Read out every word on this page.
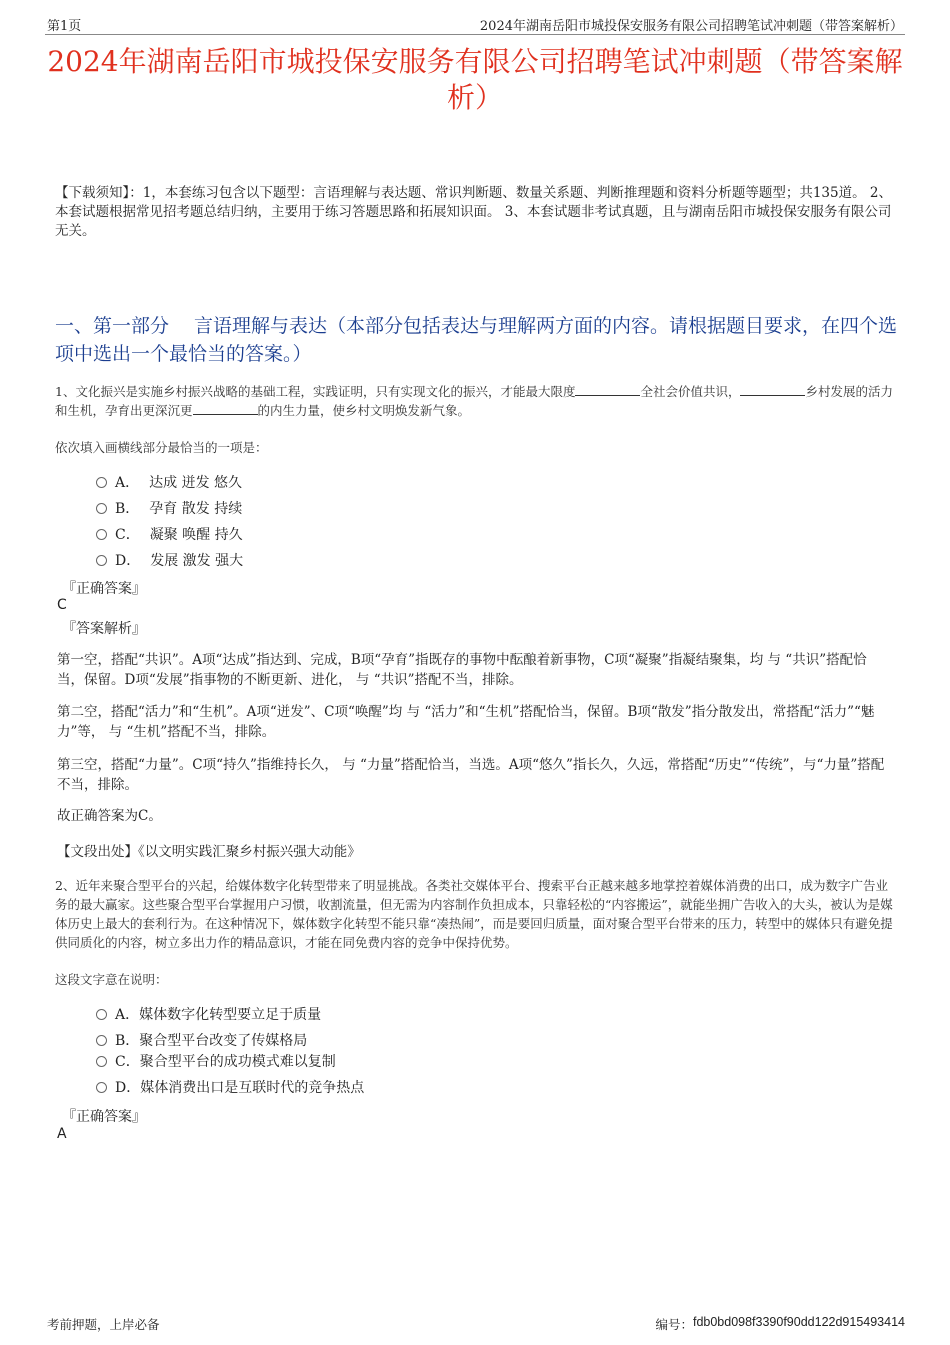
第1页	2024年湖南岳阳市城投保安服务有限公司招聘笔试冲刺题（带答案解析）
2024年湖南岳阳市城投保安服务有限公司招聘笔试冲刺题（带答案解析）
【下载须知】：1，本套练习包含以下题型：言语理解与表达题、常识判断题、数量关系题、判断推理题和资料分析题等题型；共135道。 2、本套试题根据常见招考题总结归纳，主要用于练习答题思路和拓展知识面。 3、本套试题非考试真题，且与湖南岳阳市城投保安服务有限公司无关。
一、第一部分　 言语理解与表达（本部分包括表达与理解两方面的内容。请根据题目要求，在四个选项中选出一个最恰当的答案。）
1、文化振兴是实施乡村振兴战略的基础工程，实践证明，只有实现文化的振兴，才能最大限度	全社会价值共识，	乡村发展的活力和生机，孕育出更深沉更	的内生力量，使乡村文明焕发新气象。
依次填入画横线部分最恰当的一项是：
A． 达成 迸发 悠久
B． 孕育 散发 持续
C． 凝聚 唤醒 持久
D． 发展 激发 强大
『正确答案』
C
『答案解析』
第一空，搭配“共识”。A项“达成”指达到、完成，B项“孕育”指既存的事物中酝酿着新事物，C项“凝聚”指凝结聚集，均 与 “共识”搭配恰当，保留。D项“发展”指事物的不断更新、进化， 与 “共识”搭配不当，排除。
第二空，搭配“活力”和“生机”。A项“迸发”、C项“唤醒”均 与 “活力”和“生机”搭配恰当，保留。B项“散发”指分散发出，常搭配“活力”“魅力”等， 与 “生机”搭配不当，排除。
第三空，搭配“力量”。C项“持久”指维持长久， 与 “力量”搭配恰当，当选。A项“悠久”指长久，久远，常搭配“历史”“传统”，与“力量”搭配不当，排除。
故正确答案为C。
【文段出处】《以文明实践汇聚乡村振兴强大动能》
2、近年来聚合型平台的兴起，给媒体数字化转型带来了明显挑战。各类社交媒体平台、搜索平台正越来越多地掌控着媒体消费的出口，成为数字广告业务的最大赢家。这些聚合型平台掌握用户习惯，收割流量，但无需为内容制作负担成本，只靠轻松的“内容搬运”，就能坐拥广告收入的大头，被认为是媒体历史上最大的套利行为。在这种情况下，媒体数字化转型不能只靠“凑热闹”，而是要回归质量，面对聚合型平台带来的压力，转型中的媒体只有避免提供同质化的内容，树立多出力作的精品意识，才能在同免费内容的竞争中保持优势。
这段文字意在说明：
A． 媒体数字化转型要立足于质量
B． 聚合型平台改变了传媒格局
C． 聚合型平台的成功模式难以复制
D． 媒体消费出口是互联时代的竞争热点
『正确答案』
A
考前押题，上岸必备	编号： fdb0bd098f3390f90dd122d915493414
